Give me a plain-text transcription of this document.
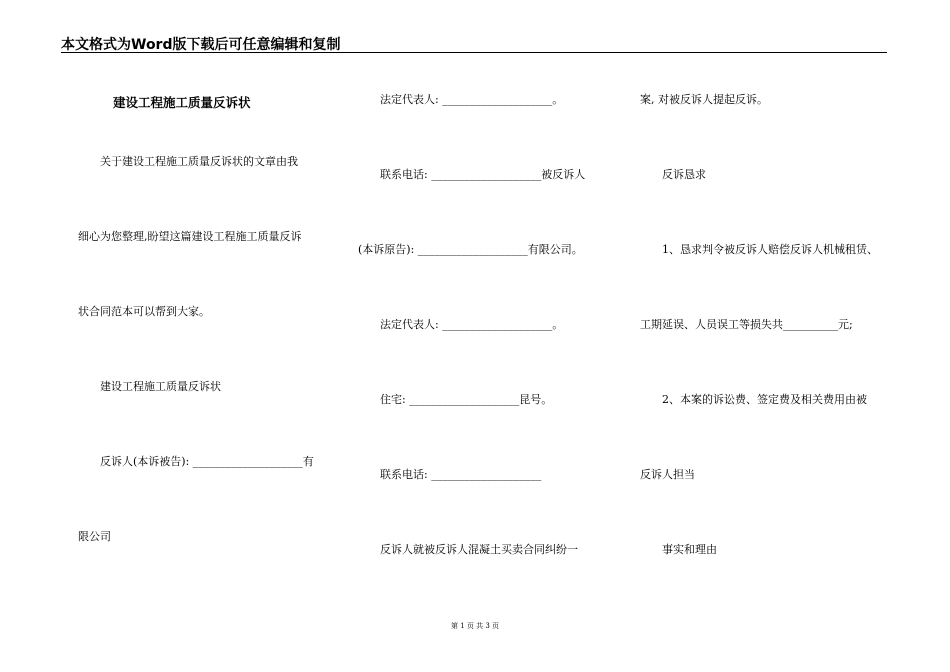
本文格式为Word版下载后可任意编辑和复制
建设工程施工质量反诉状
　　关于建设工程施工质量反诉状的文章由我
细心为您整理,盼望这篇建设工程施工质量反诉
状合同范本可以帮到大家。
　　建设工程施工质量反诉状
　　反诉人(本诉被告): ____________________有
限公司
　　法定代表人: ____________________。
　　联系电话: ____________________被反诉人
(本诉原告): ____________________有限公司。
　　法定代表人: ____________________。
　　住宅: ____________________昆号。
　　联系电话: ____________________
　　反诉人就被反诉人混凝土买卖合同纠纷一
案, 对被反诉人提起反诉。
　　反诉恳求
　　1、恳求判令被反诉人赔偿反诉人机械租赁、
工期延误、人员误工等损失共__________元;
　　2、本案的诉讼费、签定费及相关费用由被
反诉人担当
　　事实和理由
第 1 页 共 3 页
